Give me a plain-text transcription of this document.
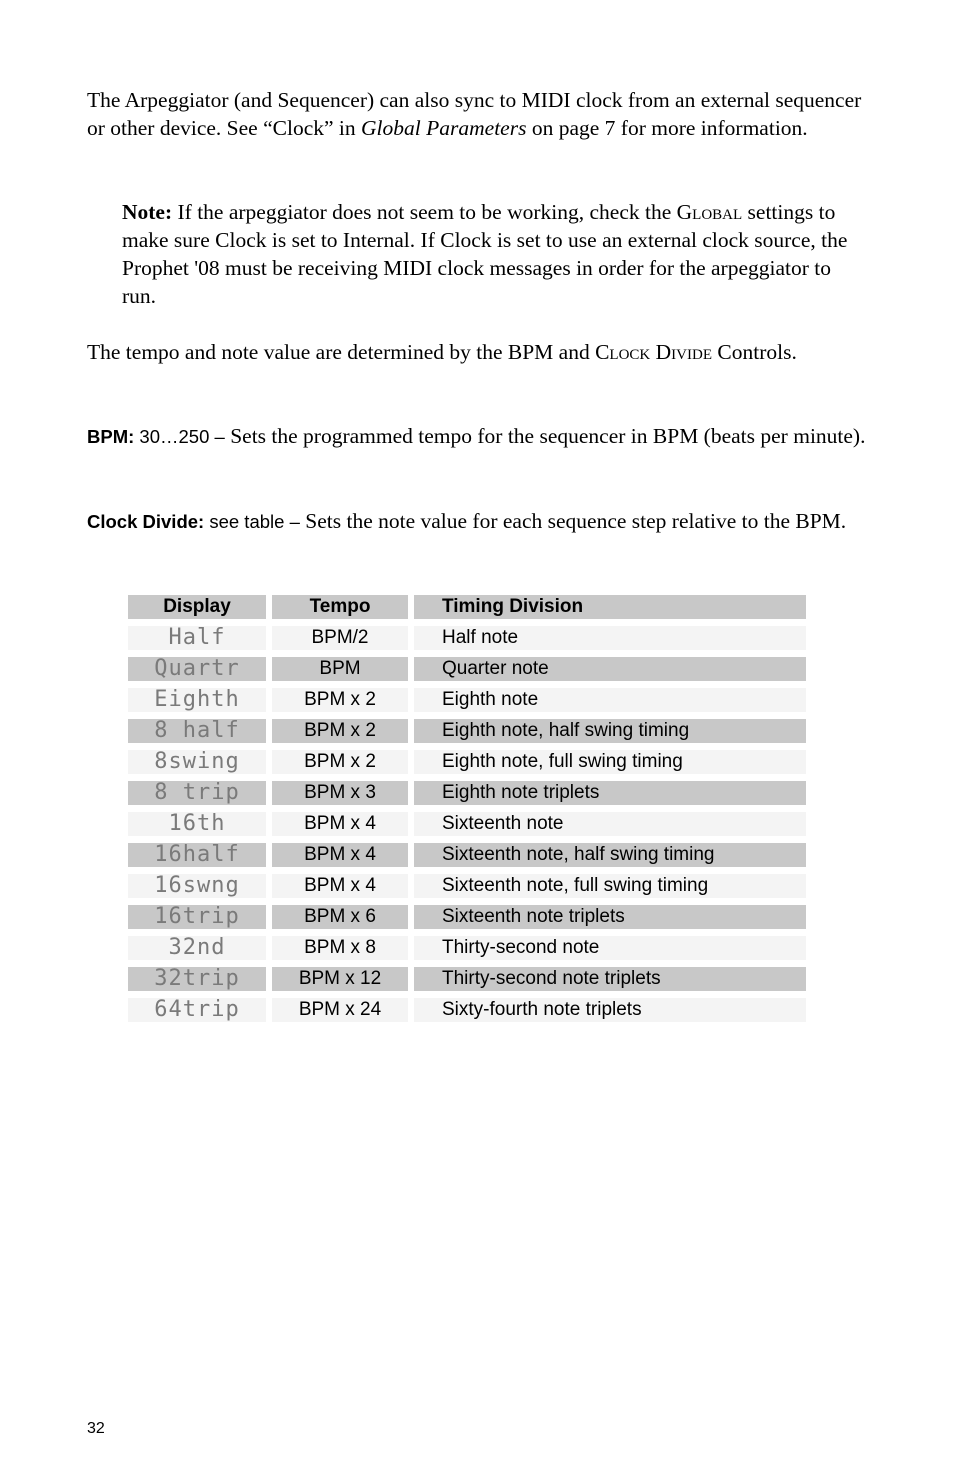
The Arpeggiator (and Sequencer) can also sync to MIDI clock from an external sequencer or other device. See “Clock” in Global Parameters on page 7 for more information.

Note: If the arpeggiator does not seem to be working, check the Global settings to make sure Clock is set to Internal. If Clock is set to use an external clock source, the Prophet '08 must be receiving MIDI clock messages in order for the arpeggiator to run.

The tempo and note value are determined by the BPM and Clock Divide Controls.

BPM: 30…250 – Sets the programmed tempo for the sequencer in BPM (beats per minute).

Clock Divide: see table – Sets the note value for each sequence step relative to the BPM.

Display		Tempo		Timing Division
Half		BPM/2		Half note
Quartr		BPM		Quarter note
Eighth		BPM x 2		Eighth note
8 half		BPM x 2		Eighth note, half swing timing
8swing		BPM x 2		Eighth note, full swing timing
8 trip		BPM x 3		Eighth note triplets
16th		BPM x 4		Sixteenth note
16half		BPM x 4		Sixteenth note, half swing timing
16swng		BPM x 4		Sixteenth note, full swing timing
16trip		BPM x 6		Sixteenth note triplets
32nd		BPM x 8		Thirty-second note
32trip		BPM x 12		Thirty-second note triplets
64trip		BPM x 24		Sixty-fourth note triplets
32
